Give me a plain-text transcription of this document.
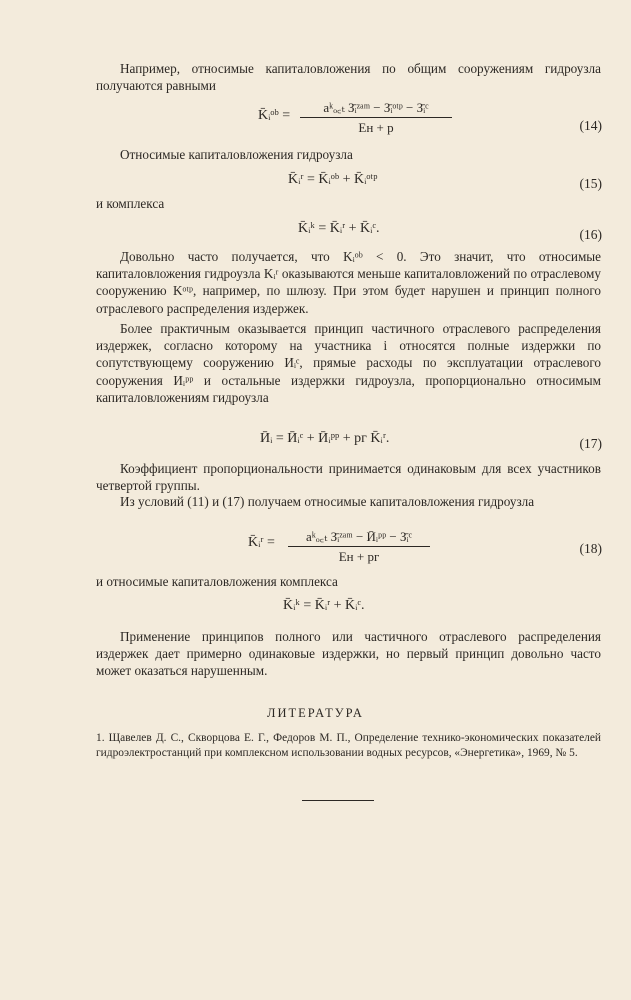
Например, относимые капиталовложения по общим сооружениям гидроузла получаются равными

K̄ᵢᵒᵇ =
aᵏₒ꜀ₜ З̄ᵢᶻᵃᵐ − З̄ᵢᵒᵗᵖ − З̄ᵢᶜ
Eн + p	(14)

Относимые капиталовложения гидроузла

K̄ᵢʳ = K̄ᵢᵒᵇ + K̄ᵢᵒᵗᵖ	(15)

и комплекса

K̄ᵢᵏ = K̄ᵢʳ + K̄ᵢᶜ.	(16)

Довольно часто получается, что Kᵢᵒᵇ < 0. Это значит, что относимые капиталовложения гидроузла Kᵢʳ оказываются меньше капиталовложений по отраслевому сооружению Kᵒᵗᵖ, например, по шлюзу. При этом будет нарушен и принцип полного отраслевого распределения издержек.

Более практичным оказывается принцип частичного отраслевого распределения издержек, согласно которому на участника i относятся полные издержки по сопутствующему сооружению Иᵢᶜ, прямые расходы по эксплуатации отраслевого сооружения Иᵢᵖᵖ и остальные издержки гидроузла, пропорционально относимым капиталовложениям гидроузла

Ӣᵢ = Ӣᵢᶜ + Ӣᵢᵖᵖ + pг K̄ᵢʳ.	(17)

Коэффициент пропорциональности принимается одинаковым для всех участников четвертой группы.

Из условий (11) и (17) получаем относимые капиталовложения гидроузла

K̄ᵢʳ =	aᵏₒ꜀ₜ З̄ᵢᶻᵃᵐ − Ӣᵢᵖᵖ − З̄ᵢᶜ
Eн + pг
(18)

и относимые капиталовложения комплекса

K̄ᵢᵏ = K̄ᵢʳ + K̄ᵢᶜ.

Применение принципов полного или частичного отраслевого распределения издержек дает примерно одинаковые издержки, но первый принцип довольно часто может оказаться нарушенным.

ЛИТЕРАТУРА
1. Щавелев Д. С., Скворцова Е. Г., Федоров М. П., Определение технико-экономических показателей гидроэлектростанций при комплексном использовании водных ресурсов, «Энергетика», 1969, № 5.
